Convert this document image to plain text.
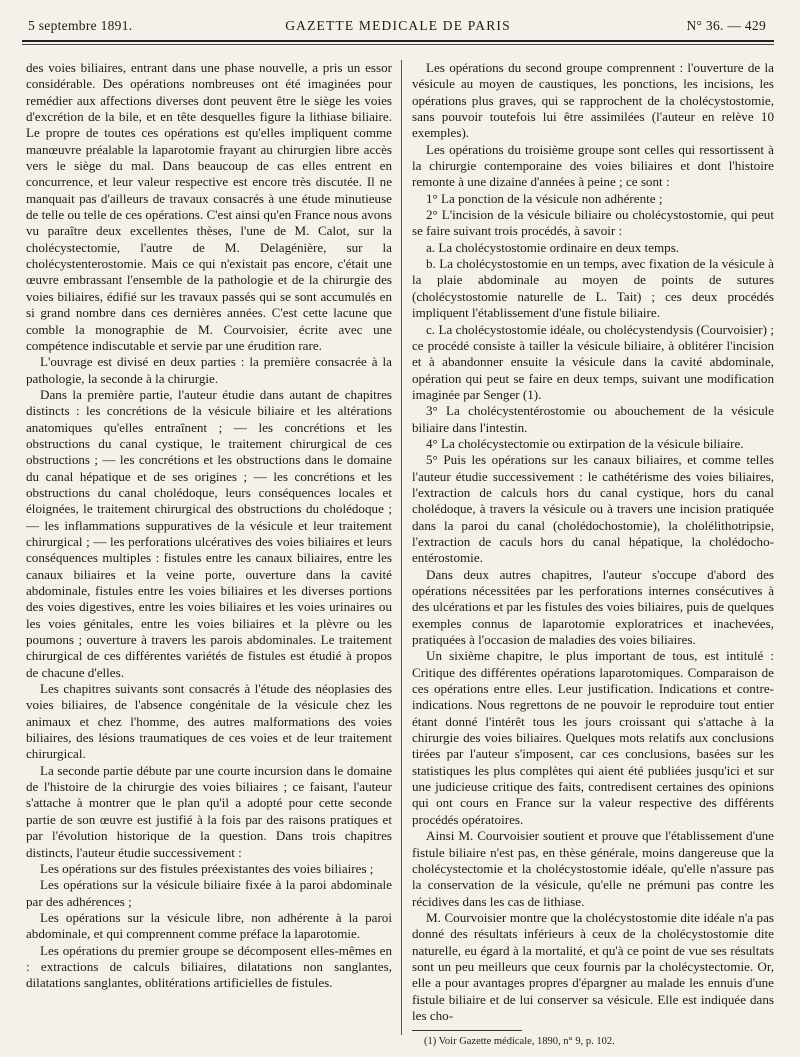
5 septembre 1891.	GAZETTE MEDICALE DE PARIS	N° 36. — 429

des voies biliaires, entrant dans une phase nouvelle, a pris un essor considérable. Des opérations nombreuses ont été imaginées pour remédier aux affections diverses dont peuvent être le siège les voies d'excrétion de la bile, et en tête desquelles figure la lithiase biliaire. Le propre de toutes ces opérations est qu'elles impliquent comme manœuvre préalable la laparotomie frayant au chirurgien libre accès vers le siège du mal. Dans beaucoup de cas elles entrent en concurrence, et leur valeur respective est encore très discutée. Il ne manquait pas d'ailleurs de travaux consacrés à une étude minutieuse de telle ou telle de ces opérations. C'est ainsi qu'en France nous avons vu paraître deux excellentes thèses, l'une de M. Calot, sur la cholécystectomie, l'autre de M. Delagénière, sur la cholécystenterostomie. Mais ce qui n'existait pas encore, c'était une œuvre embrassant l'ensemble de la pathologie et de la chirurgie des voies biliaires, édifié sur les travaux passés qui se sont accumulés en si grand nombre dans ces dernières années. C'est cette lacune que comble la monographie de M. Courvoisier, écrite avec une compétence indiscutable et servie par une érudition rare.

L'ouvrage est divisé en deux parties : la première consacrée à la pathologie, la seconde à la chirurgie.

Dans la première partie, l'auteur étudie dans autant de chapitres distincts : les concrétions de la vésicule biliaire et les altérations anatomiques qu'elles entraînent ; — les concrétions et les obstructions du canal cystique, le traitement chirurgical de ces obstructions ; — les concrétions et les obstructions dans le domaine du canal hépatique et de ses origines ; — les concrétions et les obstructions du canal cholédoque, leurs conséquences locales et éloignées, le traitement chirurgical des obstructions du cholédoque ; — les inflammations suppuratives de la vésicule et leur traitement chirurgical ; — les perforations ulcératives des voies biliaires et leurs conséquences multiples : fistules entre les canaux biliaires, entre les canaux biliaires et la veine porte, ouverture dans la cavité abdominale, fistules entre les voies biliaires et les diverses portions des voies digestives, entre les voies biliaires et les voies urinaires ou les voies génitales, entre les voies biliaires et la plèvre ou les poumons ; ouverture à travers les parois abdominales. Le traitement chirurgical de ces différentes variétés de fistules est étudié à propos de chacune d'elles.

Les chapitres suivants sont consacrés à l'étude des néoplasies des voies biliaires, de l'absence congénitale de la vésicule chez les animaux et chez l'homme, des autres malformations des voies biliaires, des lésions traumatiques de ces voies et de leur traitement chirurgical.

La seconde partie débute par une courte incursion dans le domaine de l'histoire de la chirurgie des voies biliaires ; ce faisant, l'auteur s'attache à montrer que le plan qu'il a adopté pour cette seconde partie de son œuvre est justifié à la fois par des raisons pratiques et par l'évolution historique de la question. Dans trois chapitres distincts, l'auteur étudie successivement :

Les opérations sur des fistules préexistantes des voies biliaires ;

Les opérations sur la vésicule biliaire fixée à la paroi abdominale par des adhérences ;

Les opérations sur la vésicule libre, non adhérente à la paroi abdominale, et qui comprennent comme préface la laparotomie.

Les opérations du premier groupe se décomposent elles-mêmes en : extractions de calculs biliaires, dilatations non sanglantes, dilatations sanglantes, oblitérations artificielles de fistules.

Les opérations du second groupe comprennent : l'ouverture de la vésicule au moyen de caustiques, les ponctions, les incisions, les opérations plus graves, qui se rapprochent de la cholécystostomie, sans pouvoir toutefois lui être assimilées (l'auteur en relève 10 exemples).

Les opérations du troisième groupe sont celles qui ressortissent à la chirurgie contemporaine des voies biliaires et dont l'histoire remonte à une dizaine d'années à peine ; ce sont :

1° La ponction de la vésicule non adhérente ;

2° L'incision de la vésicule biliaire ou cholécystostomie, qui peut se faire suivant trois procédés, à savoir :

a. La cholécystostomie ordinaire en deux temps.

b. La cholécystostomie en un temps, avec fixation de la vésicule à la plaie abdominale au moyen de points de sutures (cholécystostomie naturelle de L. Tait) ; ces deux procédés impliquent l'établissement d'une fistule biliaire.

c. La cholécystostomie idéale, ou cholécystendysis (Courvoisier) ; ce procédé consiste à tailler la vésicule biliaire, à oblitérer l'incision et à abandonner ensuite la vésicule dans la cavité abdominale, opération qui peut se faire en deux temps, suivant une modification imaginée par Senger (1).

3° La cholécystentérostomie ou abouchement de la vésicule biliaire dans l'intestin.

4° La cholécystectomie ou extirpation de la vésicule biliaire.

5° Puis les opérations sur les canaux biliaires, et comme telles l'auteur étudie successivement : le cathétérisme des voies biliaires, l'extraction de calculs hors du canal cystique, hors du canal cholédoque, à travers la vésicule ou à travers une incision pratiquée dans la paroi du canal (cholédochostomie), la cholélithotripsie, l'extraction de caculs hors du canal hépatique, la cholédocho-entérostomie.

Dans deux autres chapitres, l'auteur s'occupe d'abord des opérations nécessitées par les perforations internes consécutives à des ulcérations et par les fistules des voies biliaires, puis de quelques exemples connus de laparotomie exploratrices et inachevées, pratiquées à l'occasion de maladies des voies biliaires.

Un sixième chapitre, le plus important de tous, est intitulé : Critique des différentes opérations laparotomiques. Comparaison de ces opérations entre elles. Leur justification. Indications et contre-indications. Nous regrettons de ne pouvoir le reproduire tout entier étant donné l'intérêt tous les jours croissant qui s'attache à la chirurgie des voies biliaires. Quelques mots relatifs aux conclusions tirées par l'auteur s'imposent, car ces conclusions, basées sur les statistiques les plus complètes qui aient été publiées jusqu'ici et sur une judicieuse critique des faits, contredisent certaines des opinions qui ont cours en France sur la valeur respective des différents procédés opératoires.

Ainsi M. Courvoisier soutient et prouve que l'établissement d'une fistule biliaire n'est pas, en thèse générale, moins dangereuse que la cholécystectomie et la cholécystostomie idéale, qu'elle n'assure pas la conservation de la vésicule, qu'elle ne prémuni pas contre les récidives dans les cas de lithiase.

M. Courvoisier montre que la cholécystostomie dite idéale n'a pas donné des résultats inférieurs à ceux de la cholécystostomie dite naturelle, eu égard à la mortalité, et qu'à ce point de vue ses résultats sont un peu meilleurs que ceux fournis par la cholécystectomie. Or, elle a pour avantages propres d'épargner au malade les ennuis d'une fistule biliaire et de lui conserver sa vésicule. Elle est indiquée dans les cho-

(1) Voir Gazette médicale, 1890, n° 9, p. 102.
